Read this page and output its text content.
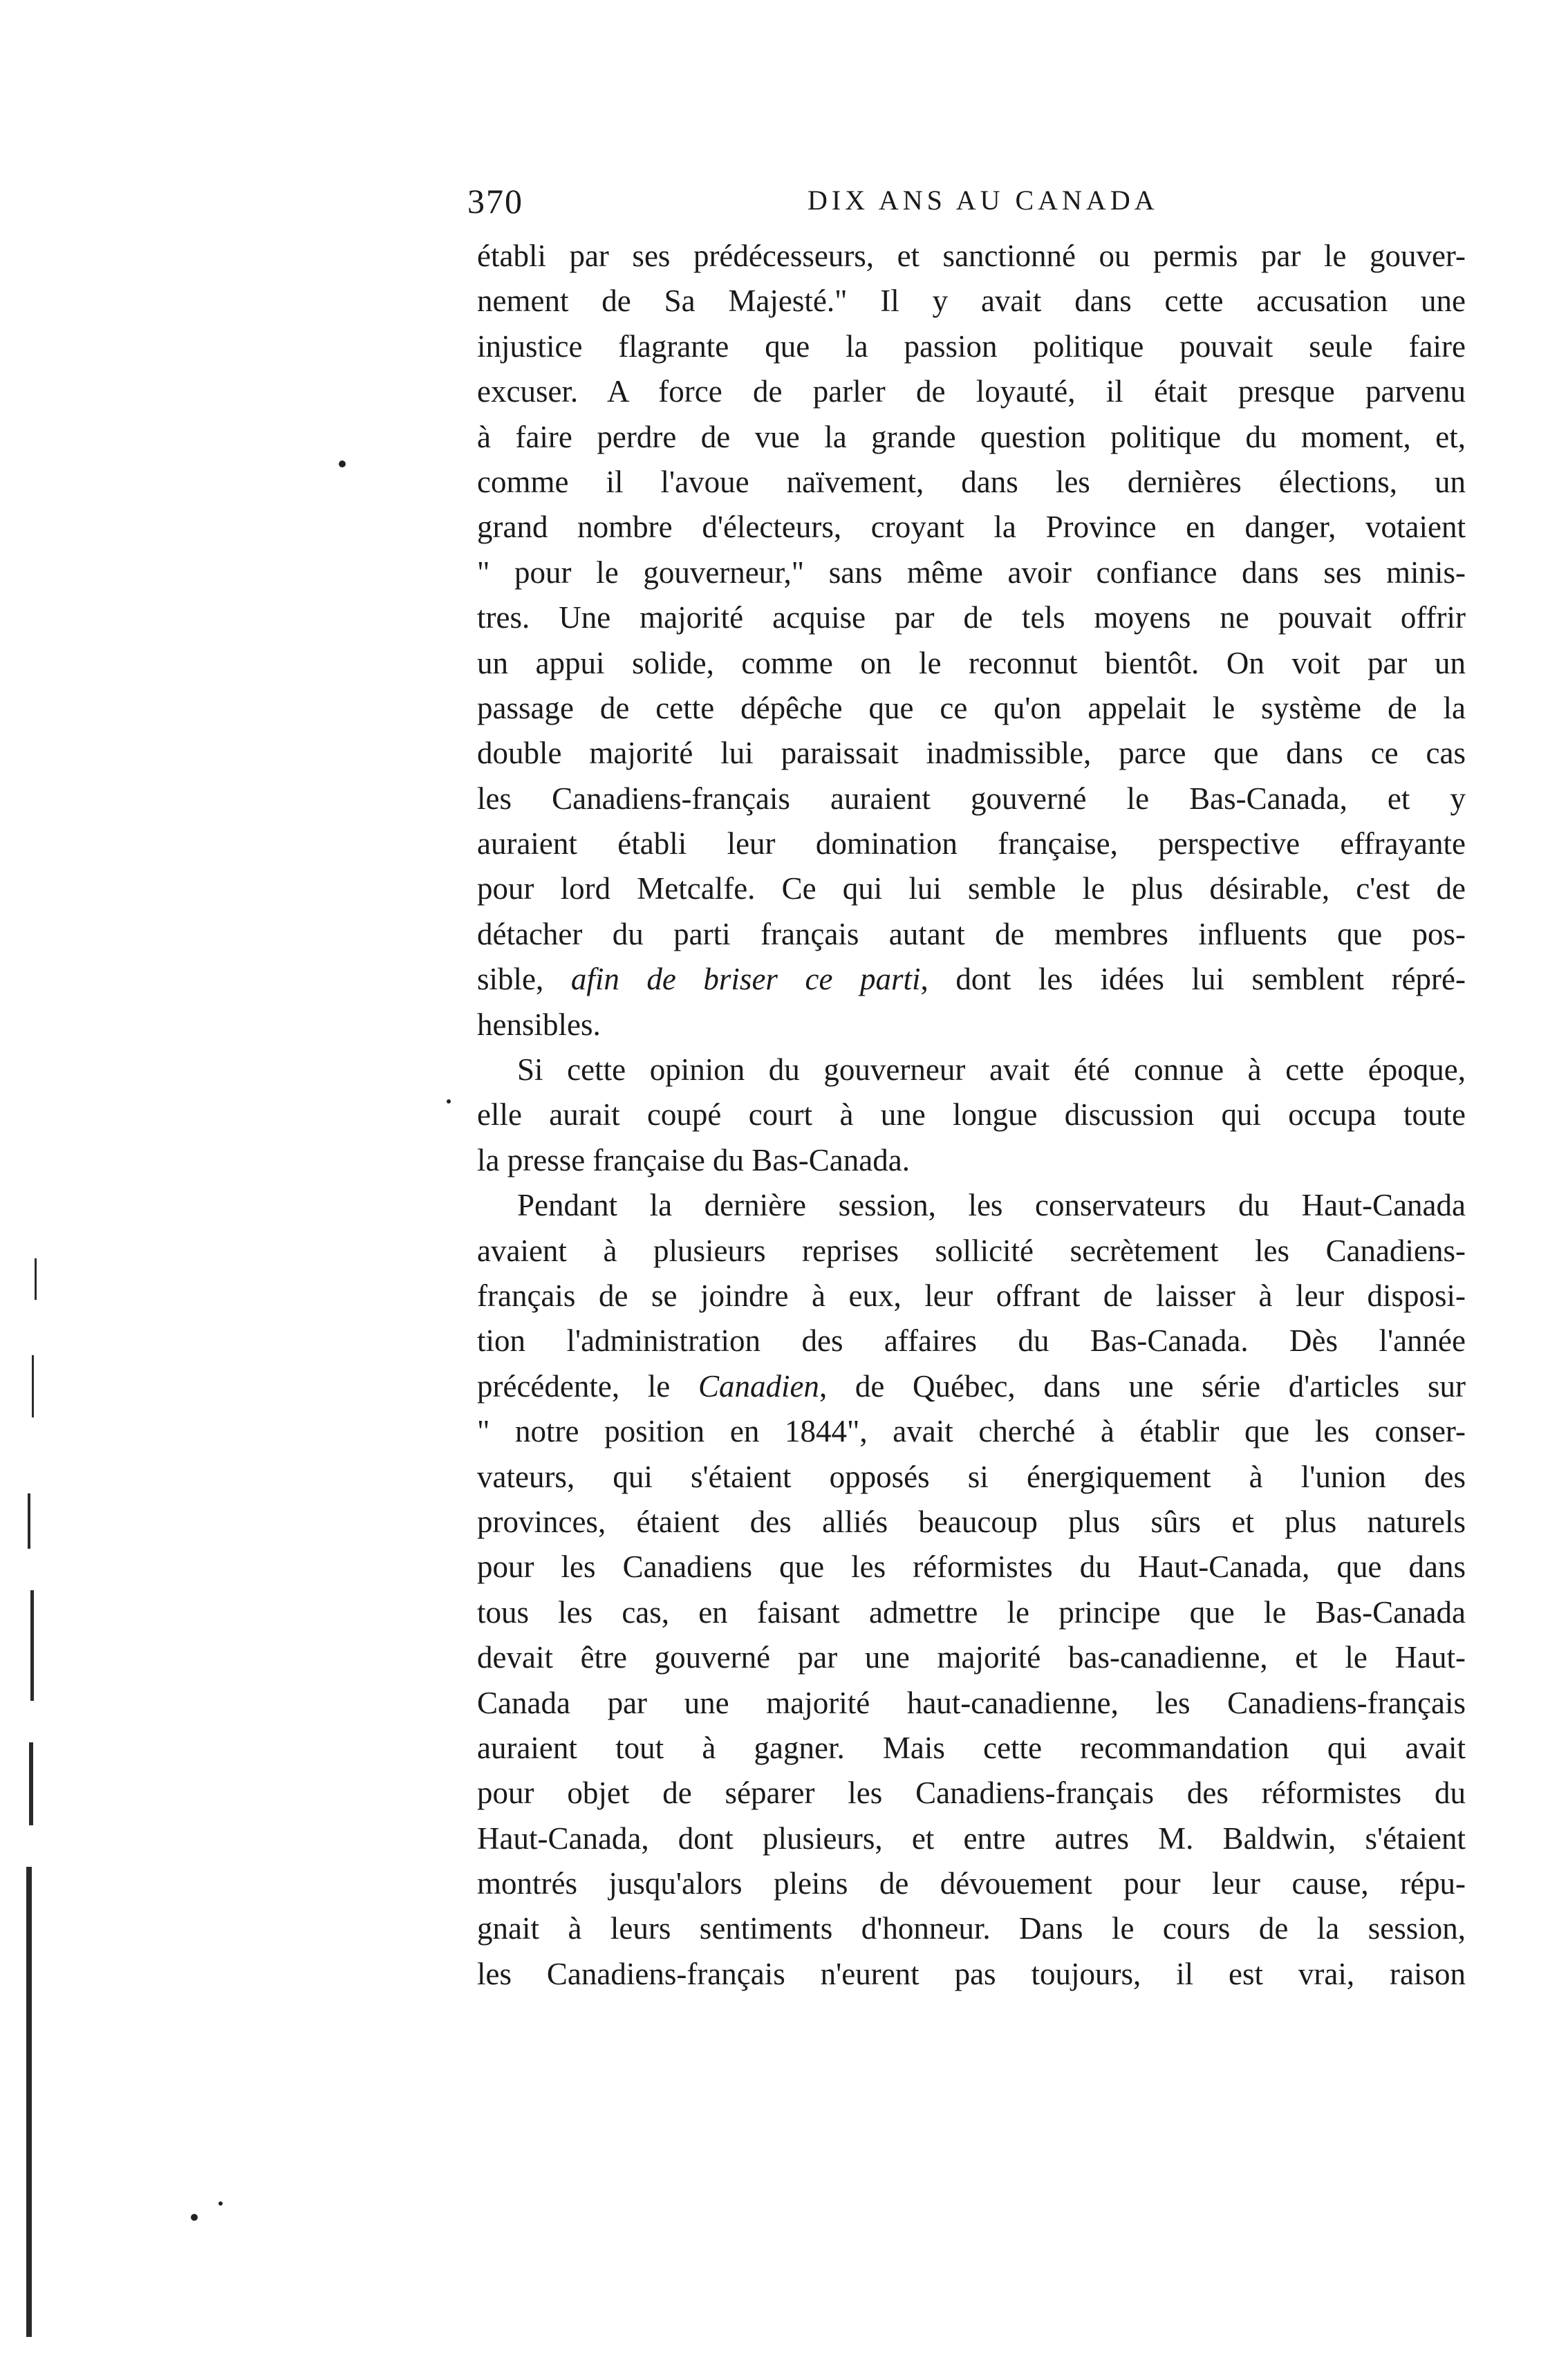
370	DIX ANS AU CANADA
établi par ses prédécesseurs, et sanctionné ou permis par le gouver-
nement de Sa Majesté." Il y avait dans cette accusation une
injustice flagrante que la passion politique pouvait seule faire
excuser. A force de parler de loyauté, il était presque parvenu
à faire perdre de vue la grande question politique du moment, et,
comme il l'avoue naïvement, dans les dernières élections, un
grand nombre d'électeurs, croyant la Province en danger, votaient
" pour le gouverneur," sans même avoir confiance dans ses minis-
tres. Une majorité acquise par de tels moyens ne pouvait offrir
un appui solide, comme on le reconnut bientôt. On voit par un
passage de cette dépêche que ce qu'on appelait le système de la
double majorité lui paraissait inadmissible, parce que dans ce cas
les Canadiens-français auraient gouverné le Bas-Canada, et y
auraient établi leur domination française, perspective effrayante
pour lord Metcalfe. Ce qui lui semble le plus désirable, c'est de
détacher du parti français autant de membres influents que pos-
sible, afin de briser ce parti, dont les idées lui semblent répré-
hensibles.
Si cette opinion du gouverneur avait été connue à cette époque,
elle aurait coupé court à une longue discussion qui occupa toute
la presse française du Bas-Canada.
Pendant la dernière session, les conservateurs du Haut-Canada
avaient à plusieurs reprises sollicité secrètement les Canadiens-
français de se joindre à eux, leur offrant de laisser à leur disposi-
tion l'administration des affaires du Bas-Canada. Dès l'année
précédente, le Canadien, de Québec, dans une série d'articles sur
" notre position en 1844", avait cherché à établir que les conser-
vateurs, qui s'étaient opposés si énergiquement à l'union des
provinces, étaient des alliés beaucoup plus sûrs et plus naturels
pour les Canadiens que les réformistes du Haut-Canada, que dans
tous les cas, en faisant admettre le principe que le Bas-Canada
devait être gouverné par une majorité bas-canadienne, et le Haut-
Canada par une majorité haut-canadienne, les Canadiens-français
auraient tout à gagner. Mais cette recommandation qui avait
pour objet de séparer les Canadiens-français des réformistes du
Haut-Canada, dont plusieurs, et entre autres M. Baldwin, s'étaient
montrés jusqu'alors pleins de dévouement pour leur cause, répu-
gnait à leurs sentiments d'honneur. Dans le cours de la session,
les Canadiens-français n'eurent pas toujours, il est vrai, raison
